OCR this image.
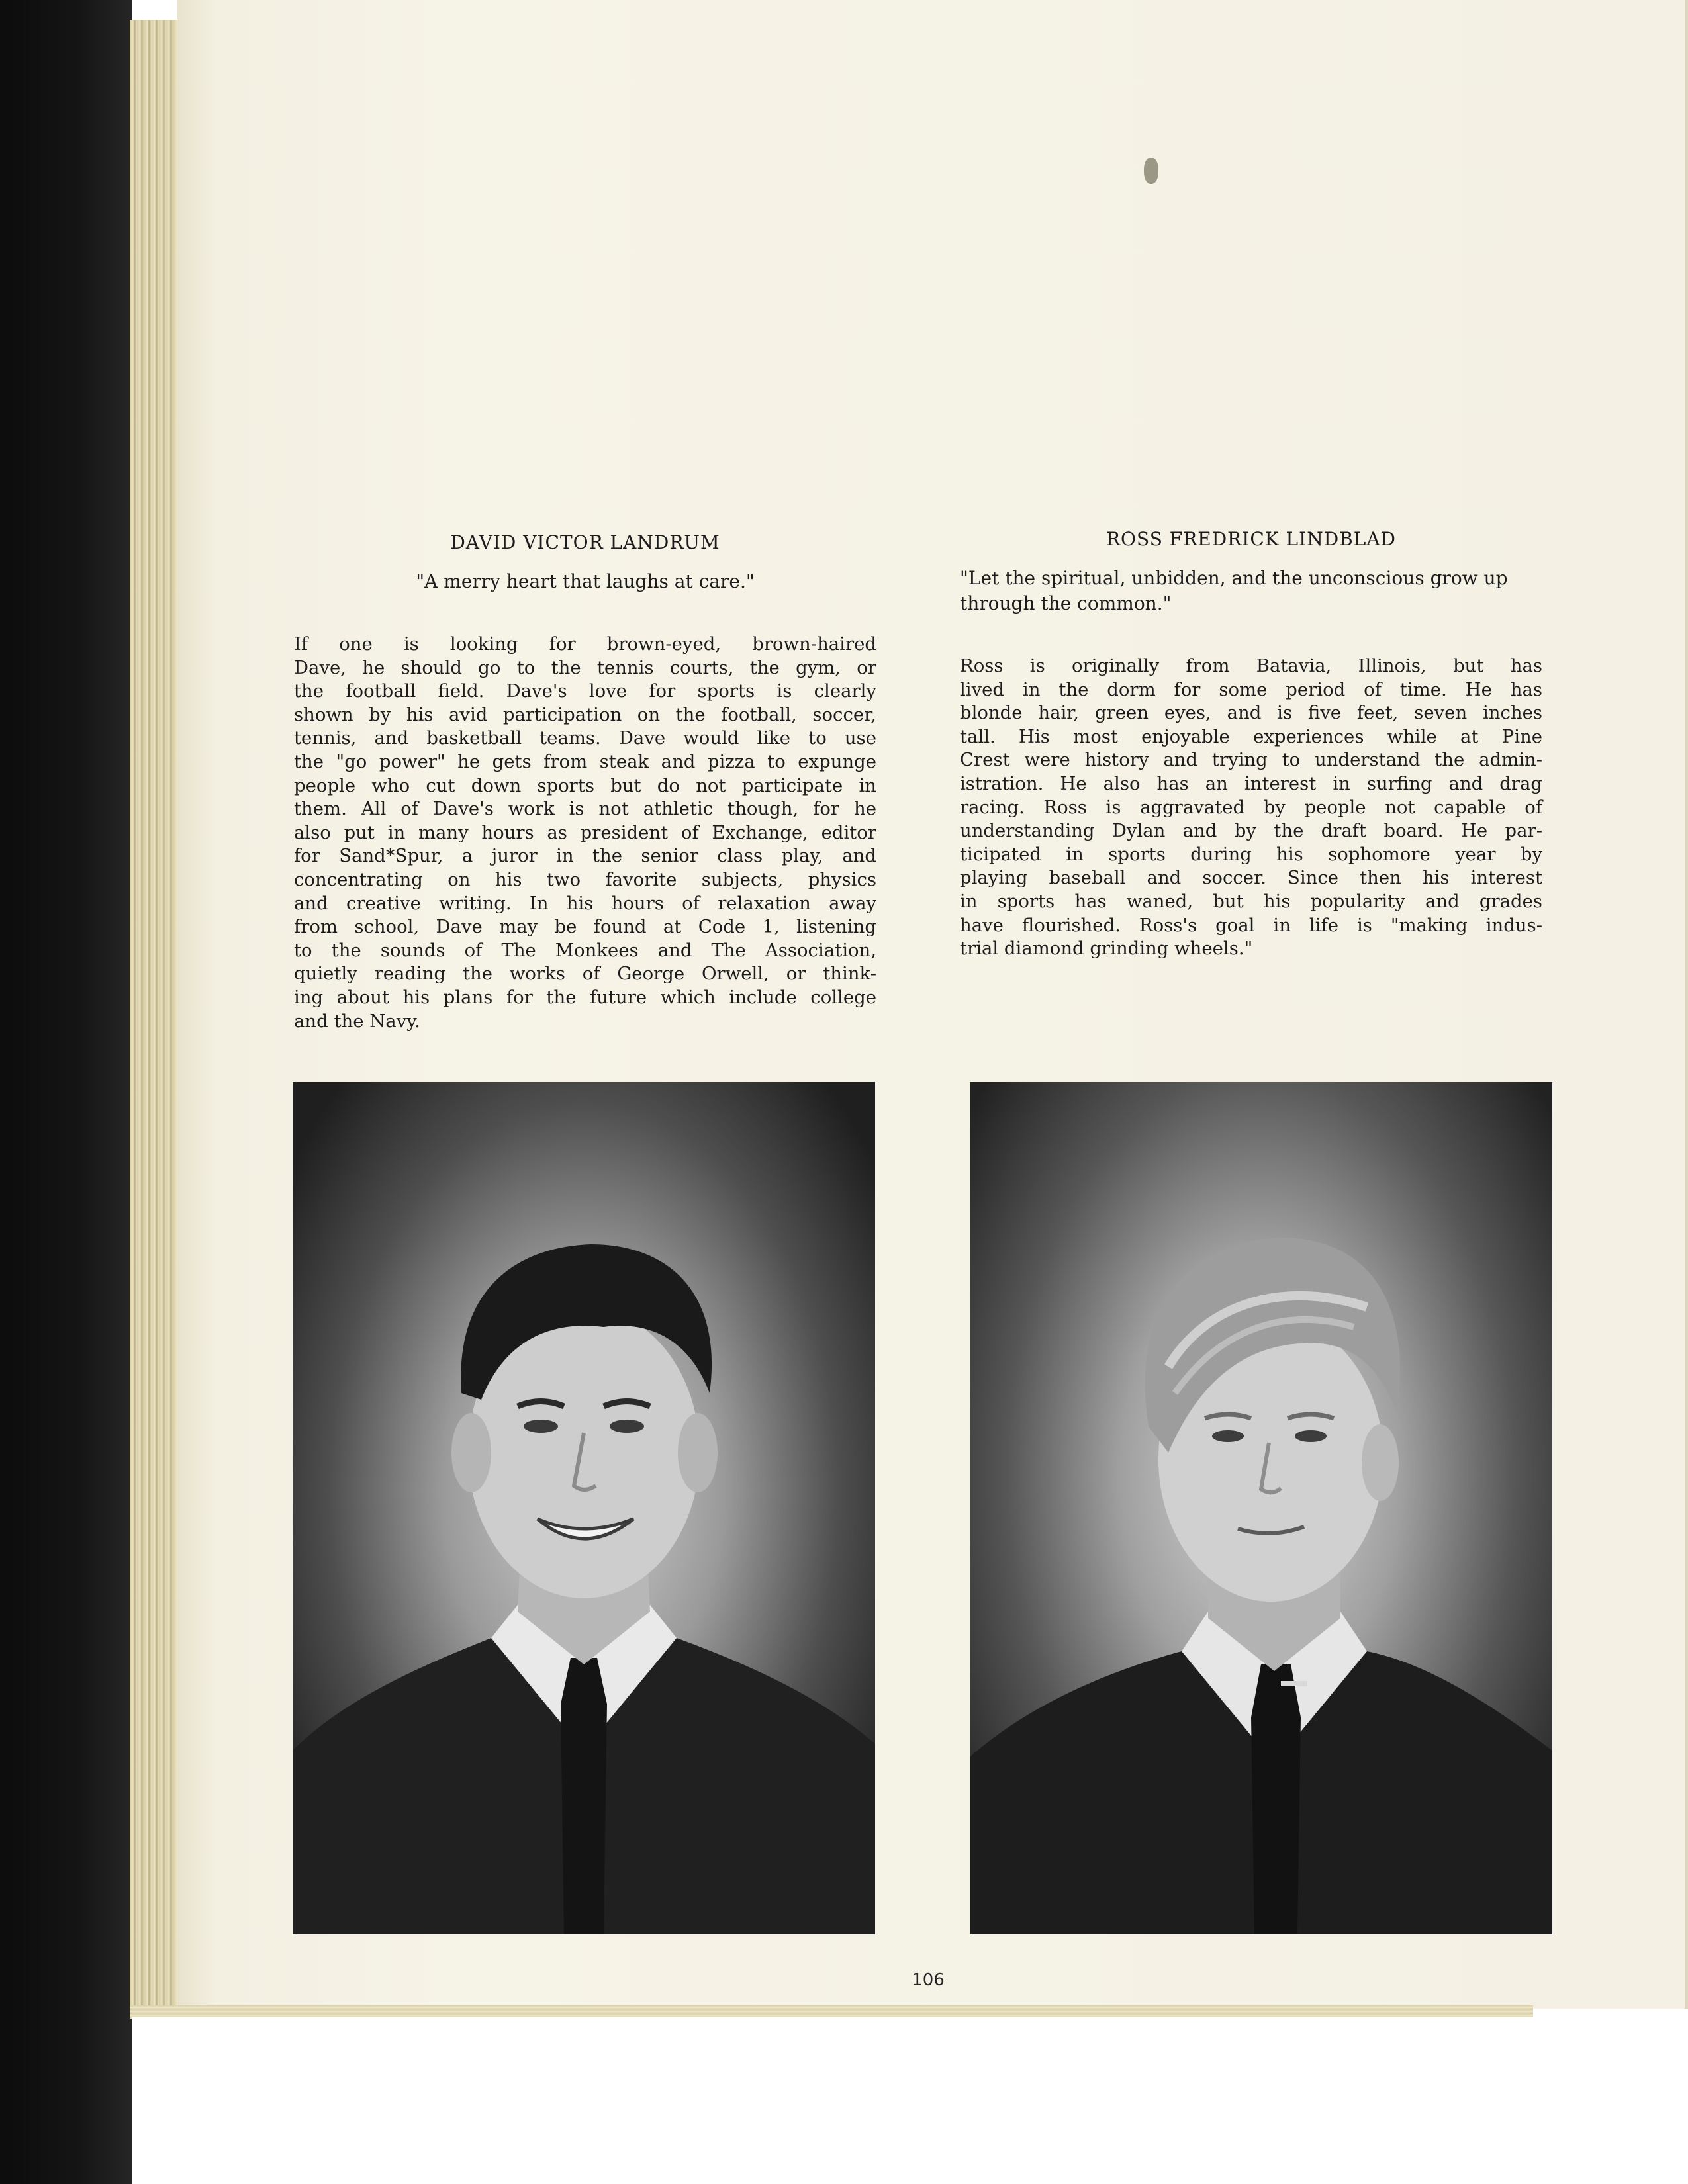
DAVID VICTOR LANDRUM
"A merry heart that laughs at care."
If one is looking for brown-eyed, brown-haired
Dave, he should go to the tennis courts, the gym, or
the football field. Dave's love for sports is clearly
shown by his avid participation on the football, soccer,
tennis, and basketball teams. Dave would like to use
the "go power" he gets from steak and pizza to expunge
people who cut down sports but do not participate in
them. All of Dave's work is not athletic though, for he
also put in many hours as president of Exchange, editor
for Sand*Spur, a juror in the senior class play, and
concentrating on his two favorite subjects, physics
and creative writing. In his hours of relaxation away
from school, Dave may be found at Code 1, listening
to the sounds of The Monkees and The Association,
quietly reading the works of George Orwell, or think-
ing about his plans for the future which include college
and the Navy.
ROSS FREDRICK LINDBLAD
"Let the spiritual, unbidden, and the unconscious grow up through the common."
Ross is originally from Batavia, Illinois, but has
lived in the dorm for some period of time. He has
blonde hair, green eyes, and is five feet, seven inches
tall. His most enjoyable experiences while at Pine
Crest were history and trying to understand the admin-
istration. He also has an interest in surfing and drag
racing. Ross is aggravated by people not capable of
understanding Dylan and by the draft board. He par-
ticipated in sports during his sophomore year by
playing baseball and soccer. Since then his interest
in sports has waned, but his popularity and grades
have flourished. Ross's goal in life is "making indus-
trial diamond grinding wheels."
106
